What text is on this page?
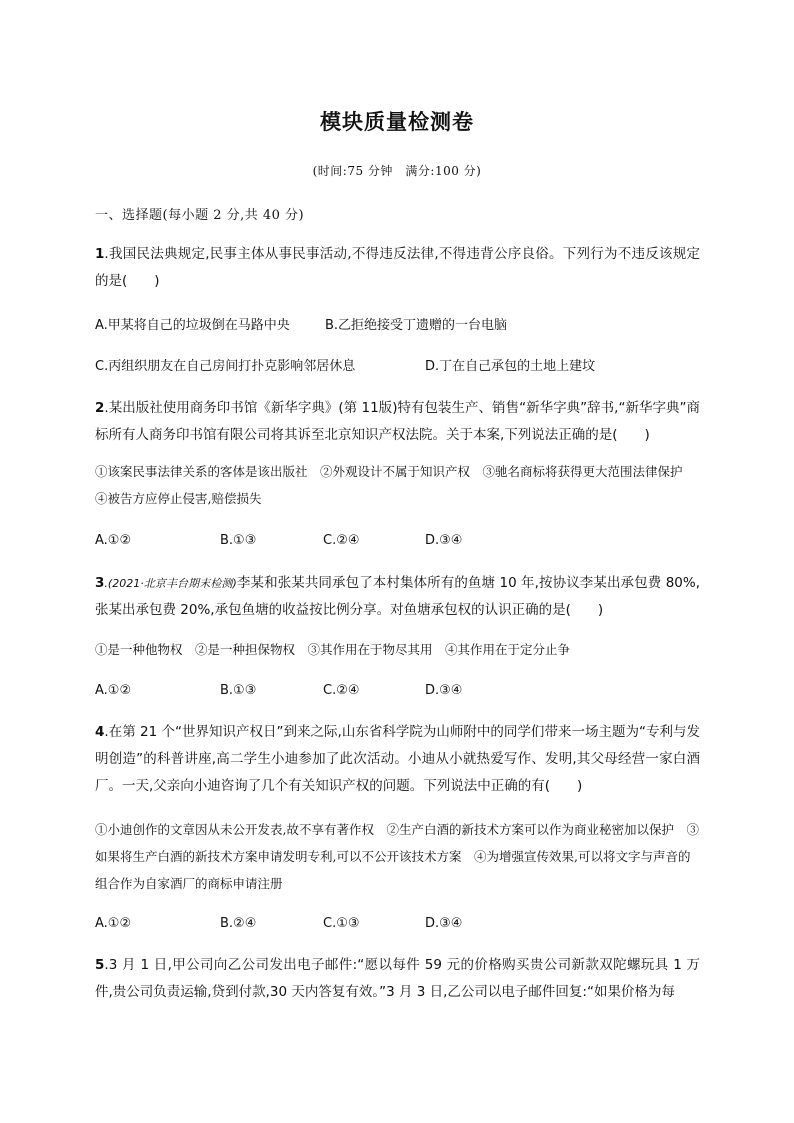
模块质量检测卷
(时间:75 分钟　满分:100 分)
一、选择题(每小题 2 分,共 40 分)
1.我国民法典规定,民事主体从事民事活动,不得违反法律,不得违背公序良俗。下列行为不违反该规定的是(　　)
A.甲某将自己的垃圾倒在马路中央	B.乙拒绝接受丁遗赠的一台电脑
C.丙组织朋友在自己房间打扑克影响邻居休息	D.丁在自己承包的土地上建坟
2.某出版社使用商务印书馆《新华字典》(第 11版)特有包装生产、销售“新华字典”辞书,“新华字典”商标所有人商务印书馆有限公司将其诉至北京知识产权法院。关于本案,下列说法正确的是(　　)
①该案民事法律关系的客体是该出版社　②外观设计不属于知识产权　③驰名商标将获得更大范围法律保护　④被告方应停止侵害,赔偿损失
A.①②	B.①③	C.②④	D.③④
3.(2021·北京丰台期末检测)李某和张某共同承包了本村集体所有的鱼塘 10 年,按协议李某出承包费 80%,张某出承包费 20%,承包鱼塘的收益按比例分享。对鱼塘承包权的认识正确的是(　　)
①是一种他物权　②是一种担保物权　③其作用在于物尽其用　④其作用在于定分止争
A.①②	B.①③	C.②④	D.③④
4.在第 21 个“世界知识产权日”到来之际,山东省科学院为山师附中的同学们带来一场主题为“专利与发明创造”的科普讲座,高二学生小迪参加了此次活动。小迪从小就热爱写作、发明,其父母经营一家白酒厂。一天,父亲向小迪咨询了几个有关知识产权的问题。下列说法中正确的有(　　)
①小迪创作的文章因从未公开发表,故不享有著作权　②生产白酒的新技术方案可以作为商业秘密加以保护　③如果将生产白酒的新技术方案申请发明专利,可以不公开该技术方案　④为增强宣传效果,可以将文字与声音的组合作为自家酒厂的商标申请注册
A.①②	B.②④	C.①③	D.③④
5.3 月 1 日,甲公司向乙公司发出电子邮件:“愿以每件 59 元的价格购买贵公司新款双陀螺玩具 1 万件,贵公司负责运输,贷到付款,30 天内答复有效。”3 月 3 日,乙公司以电子邮件回复:“如果价格为每
